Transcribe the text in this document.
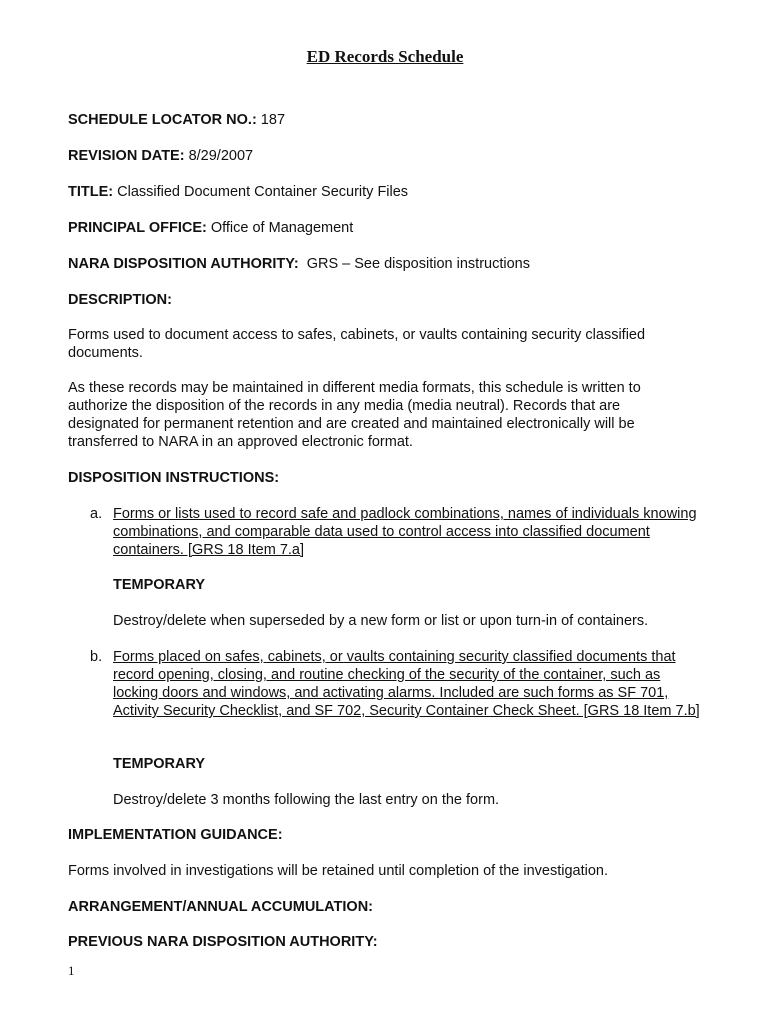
ED Records Schedule
SCHEDULE LOCATOR NO.: 187
REVISION DATE: 8/29/2007
TITLE: Classified Document Container Security Files
PRINCIPAL OFFICE: Office of Management
NARA DISPOSITION AUTHORITY:  GRS – See disposition instructions
DESCRIPTION:
Forms used to document access to safes, cabinets, or vaults containing security classified documents.
As these records may be maintained in different media formats, this schedule is written to authorize the disposition of the records in any media (media neutral). Records that are designated for permanent retention and are created and maintained electronically will be transferred to NARA in an approved electronic format.
DISPOSITION INSTRUCTIONS:
a. Forms or lists used to record safe and padlock combinations, names of individuals knowing combinations, and comparable data used to control access into classified document containers. [GRS 18 Item 7.a]
TEMPORARY
Destroy/delete when superseded by a new form or list or upon turn-in of containers.
b. Forms placed on safes, cabinets, or vaults containing security classified documents that record opening, closing, and routine checking of the security of the container, such as locking doors and windows, and activating alarms. Included are such forms as SF 701, Activity Security Checklist, and SF 702, Security Container Check Sheet. [GRS 18 Item 7.b]
TEMPORARY
Destroy/delete 3 months following the last entry on the form.
IMPLEMENTATION GUIDANCE:
Forms involved in investigations will be retained until completion of the investigation.
ARRANGEMENT/ANNUAL ACCUMULATION:
PREVIOUS NARA DISPOSITION AUTHORITY:
1
